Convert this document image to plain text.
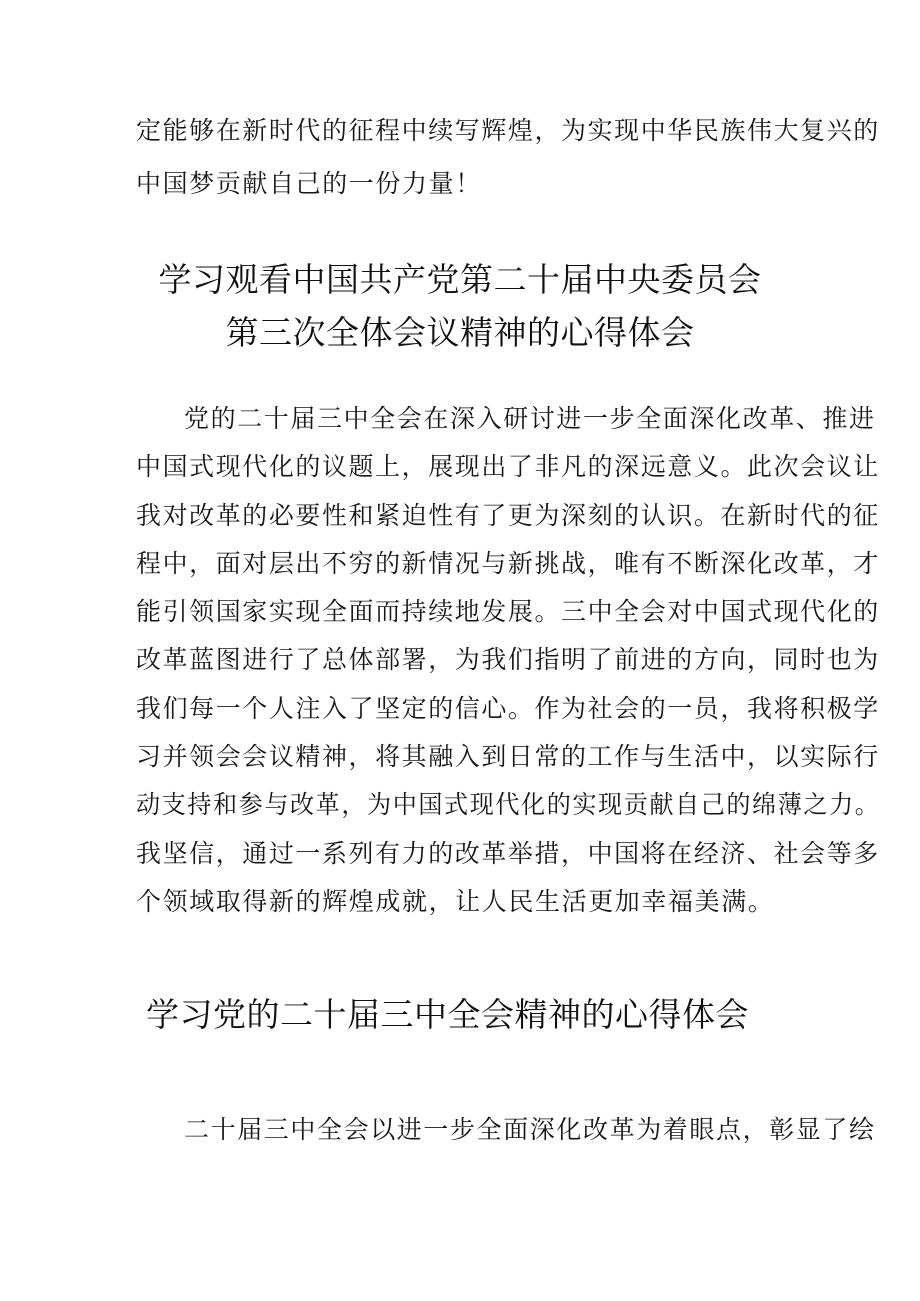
定能够在新时代的征程中续写辉煌，为实现中华民族伟大复兴的
中国梦贡献自己的一份力量！
学习观看中国共产党第二十届中央委员会
第三次全体会议精神的心得体会
党的二十届三中全会在深入研讨进一步全面深化改革、推进
中国式现代化的议题上，展现出了非凡的深远意义。此次会议让
我对改革的必要性和紧迫性有了更为深刻的认识。在新时代的征
程中，面对层出不穷的新情况与新挑战，唯有不断深化改革，才
能引领国家实现全面而持续地发展。三中全会对中国式现代化的
改革蓝图进行了总体部署，为我们指明了前进的方向，同时也为
我们每一个人注入了坚定的信心。作为社会的一员，我将积极学
习并领会会议精神，将其融入到日常的工作与生活中，以实际行
动支持和参与改革，为中国式现代化的实现贡献自己的绵薄之力。
我坚信，通过一系列有力的改革举措，中国将在经济、社会等多
个领域取得新的辉煌成就，让人民生活更加幸福美满。
学习党的二十届三中全会精神的心得体会
二十届三中全会以进一步全面深化改革为着眼点，彰显了绘
